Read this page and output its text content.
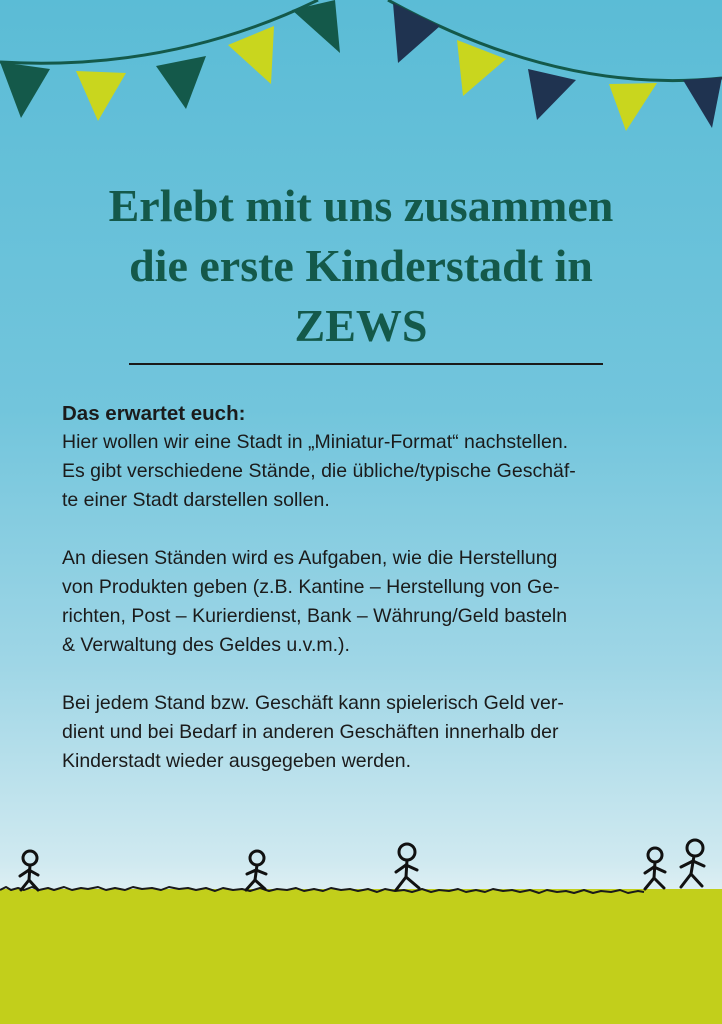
Erlebt mit uns zusammen
die erste Kinderstadt in
ZEWS
Das erwartet euch:

Hier wollen wir eine Stadt in „Miniatur-Format“ nachstellen.
Es gibt verschiedene Stände, die übliche/typische Geschäf-
te einer Stadt darstellen sollen.

An diesen Ständen wird es Aufgaben, wie die Herstellung
von Produkten geben (z.B. Kantine – Herstellung von Ge-
richten, Post – Kurierdienst, Bank – Währung/Geld basteln
& Verwaltung des Geldes u.v.m.).

Bei jedem Stand bzw. Geschäft kann spielerisch Geld ver-
dient und bei Bedarf in anderen Geschäften innerhalb der
Kinderstadt wieder ausgegeben werden.
